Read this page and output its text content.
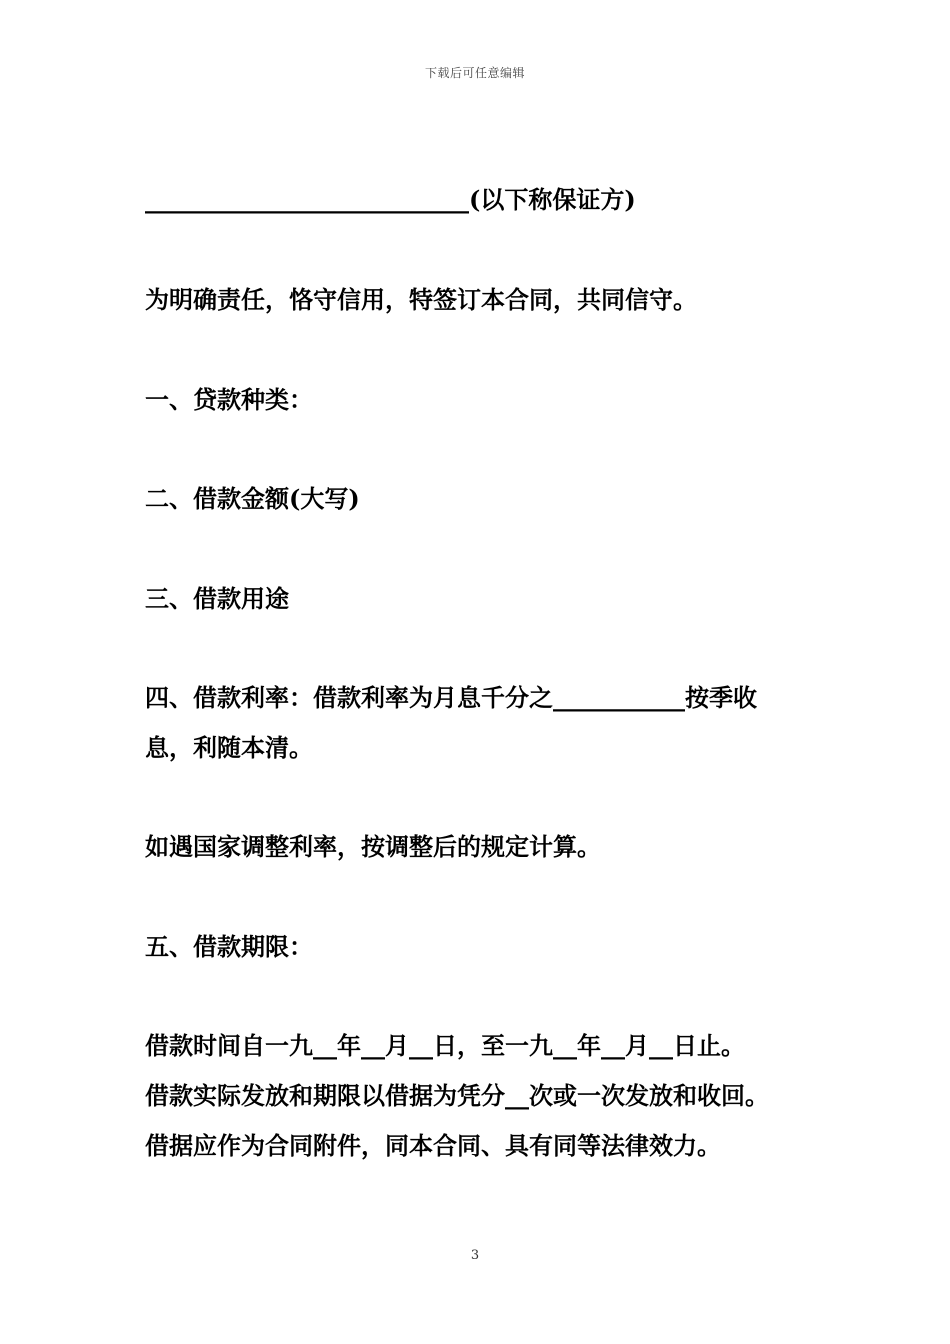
下载后可任意编辑
___________________________(以下称保证方)
为明确责任，恪守信用，特签订本合同，共同信守。
一、贷款种类：
二、借款金额(大写)
三、借款用途
四、借款利率：借款利率为月息千分之___________按季收
息，利随本清。
如遇国家调整利率，按调整后的规定计算。
五、借款期限：
借款时间自一九__年__月__日，至一九__年__月__日止。
借款实际发放和期限以借据为凭分__次或一次发放和收回。
借据应作为合同附件，同本合同、具有同等法律效力。
3
